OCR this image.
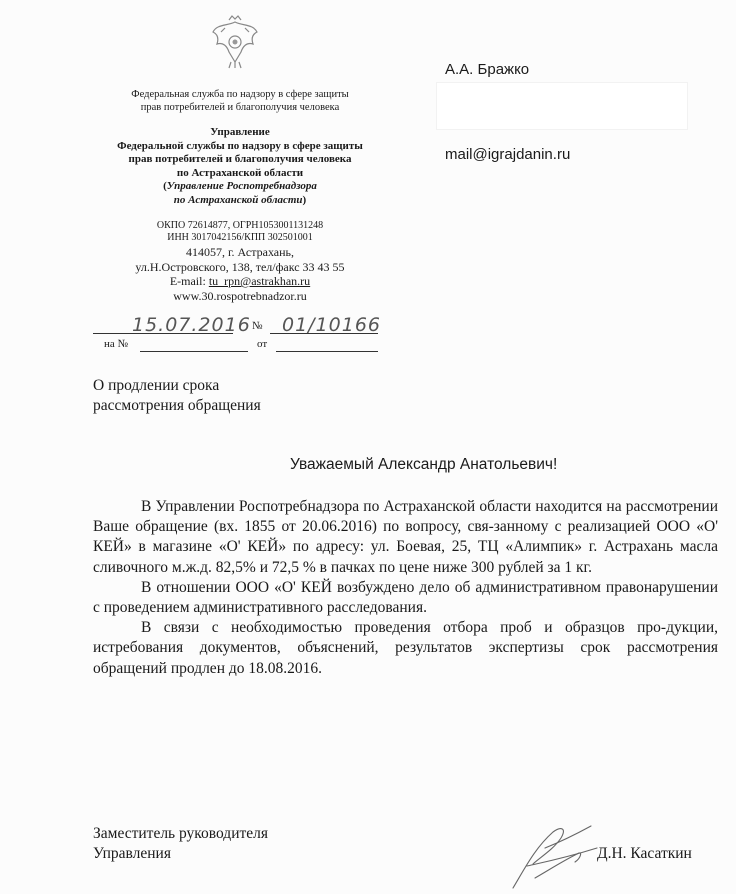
Федеральная служба по надзору в сфере защиты
прав потребителей и благополучия человека
Управление
Федеральной службы по надзору в сфере защиты
прав потребителей и благополучия человека
по Астраханской области
(Управление Роспотребнадзора
по Астраханской области)
ОКПО 72614877, ОГРН1053001131248
ИНН 3017042156/КПП 302501001
414057, г. Астрахань,
ул.Н.Островского, 138, тел/факс 33 43 55
E-mail: tu_rpn@astrakhan.ru
www.30.rospotrebnadzor.ru
15.07.2016 № 01/10166
на №	от
А.А. Бражко
mail@igrajdanin.ru
О продлении срока
рассмотрения обращения
Уважаемый Александр Анатольевич!

В Управлении Роспотребнадзора по Астраханской области находится на рассмотрении Ваше обращение (вх. 1855 от 20.06.2016) по вопросу, свя-занному с реализацией ООО «О' КЕЙ» в магазине «О' КЕЙ» по адресу: ул. Боевая, 25, ТЦ «Алимпик» г. Астрахань масла сливочного м.ж.д. 82,5% и 72,5 % в пачках по цене ниже 300 рублей за 1 кг.

В отношении ООО «О' КЕЙ возбуждено дело об административном правонарушении с проведением административного расследования.

В связи с необходимостью проведения отбора проб и образцов про-дукции, истребования документов, объяснений, результатов экспертизы срок рассмотрения обращений продлен до 18.08.2016.

Заместитель руководителя
Управления	Д.Н. Касаткин
